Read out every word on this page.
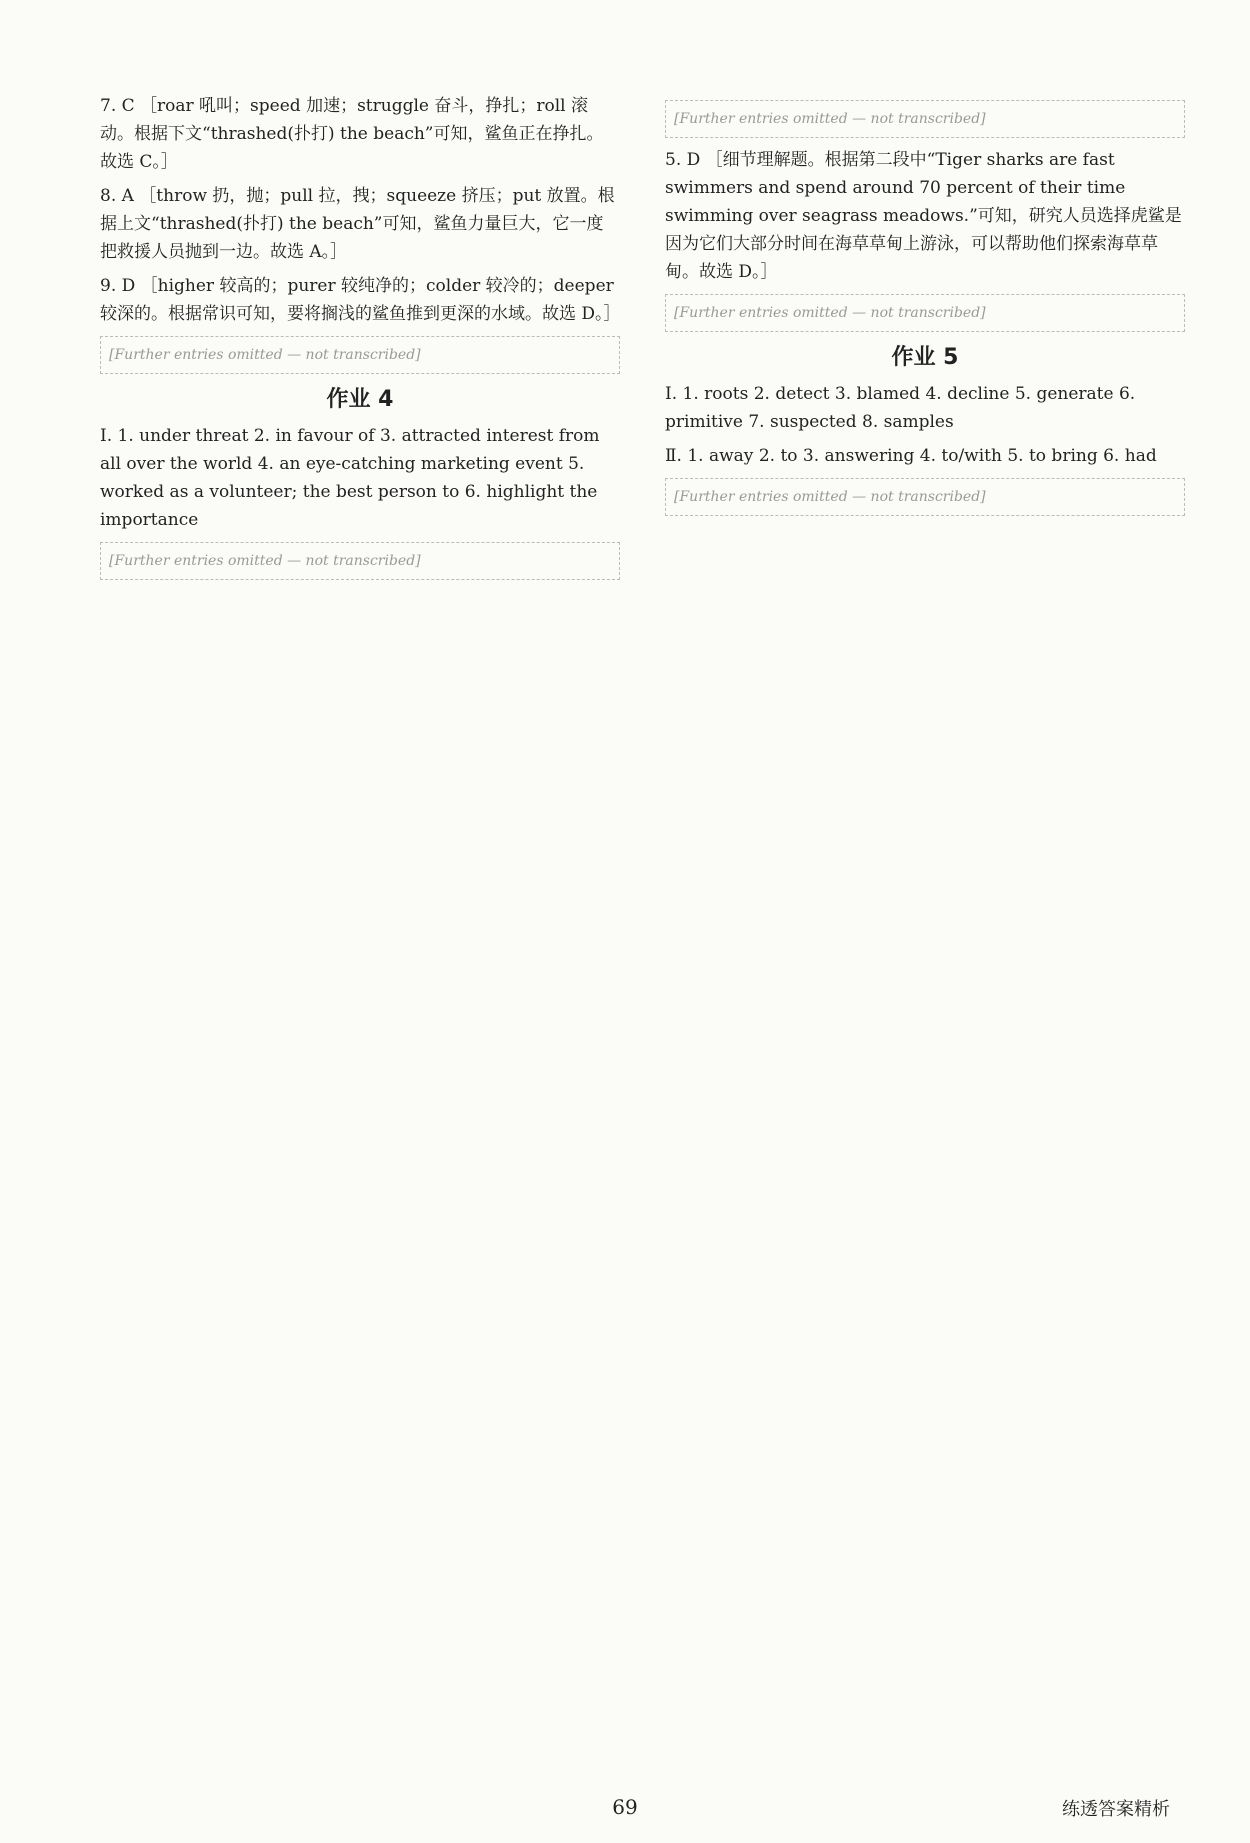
7. C ［roar 吼叫；speed 加速；struggle 奋斗，挣扎；roll 滚动。根据下文“thrashed(扑打) the beach”可知，鲨鱼正在挣扎。故选 C。］

8. A ［throw 扔，抛；pull 拉，拽；squeeze 挤压；put 放置。根据上文“thrashed(扑打) the beach”可知，鲨鱼力量巨大，它一度把救援人员抛到一边。故选 A。］

9. D ［higher 较高的；purer 较纯净的；colder 较冷的；deeper 较深的。根据常识可知，要将搁浅的鲨鱼推到更深的水域。故选 D。］

[Further entries omitted — not transcribed]
作业 4

Ⅰ. 1. under threat 2. in favour of 3. attracted interest from all over the world 4. an eye-catching marketing event 5. worked as a volunteer; the best person to 6. highlight the importance

[Further entries omitted — not transcribed]
[Further entries omitted — not transcribed]

5. D ［细节理解题。根据第二段中“Tiger sharks are fast swimmers and spend around 70 percent of their time swimming over seagrass meadows.”可知，研究人员选择虎鲨是因为它们大部分时间在海草草甸上游泳，可以帮助他们探索海草草甸。故选 D。］

[Further entries omitted — not transcribed]
作业 5

Ⅰ. 1. roots 2. detect 3. blamed 4. decline 5. generate 6. primitive 7. suspected 8. samples

Ⅱ. 1. away 2. to 3. answering 4. to/with 5. to bring 6. had

[Further entries omitted — not transcribed]
69	练透答案精析
